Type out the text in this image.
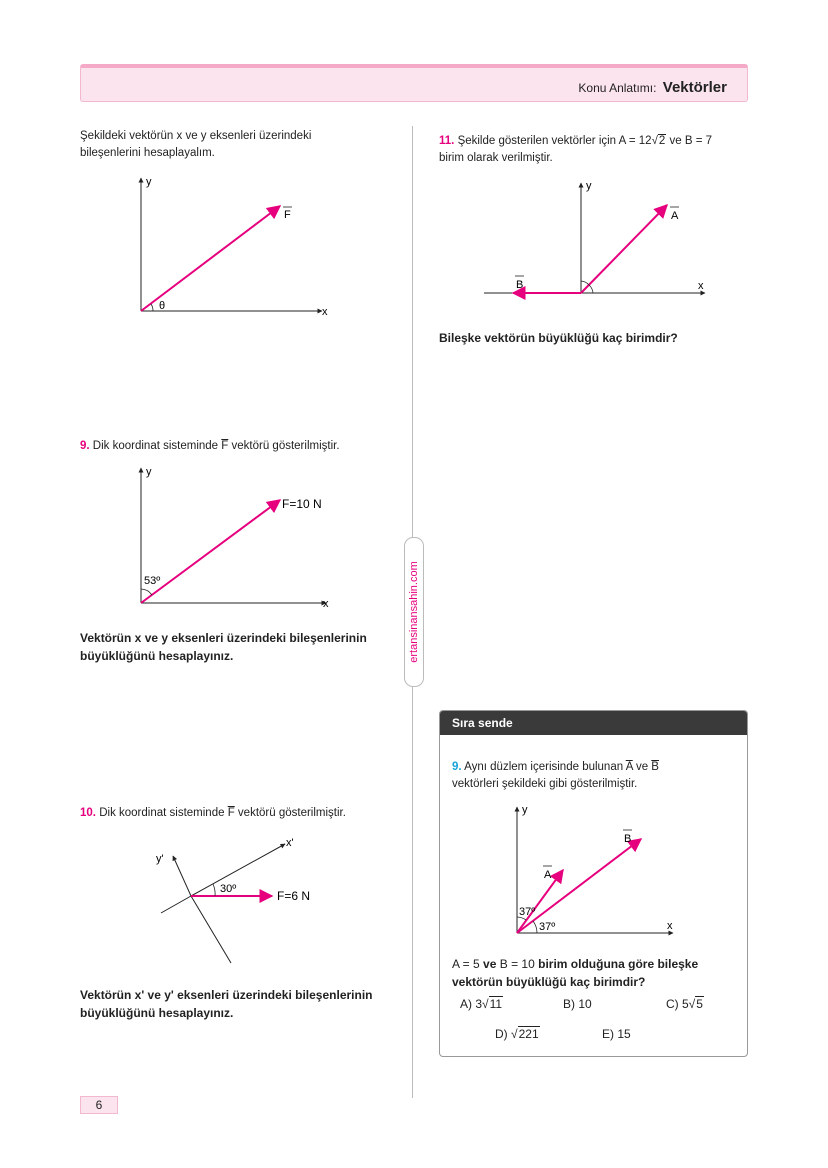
Konu Anlatımı: Vektörler
ertansinansahin.com
Şekildeki vektörün x ve y eksenleri üzerindeki bileşenlerini hesaplayalım.
y
x
F
θ
9. Dik koordinat sisteminde $\overline{F}$ vektörü gösterilmiştir.
y
x
F=10 N
53º
Vektörün x ve y eksenleri üzerindeki bileşenlerinin büyüklüğünü hesaplayınız.
10. Dik koordinat sisteminde $\overline{F}$ vektörü gösterilmiştir.
y'
x'
F=6 N
30º
Vektörün x' ve y' eksenleri üzerindeki bileşenlerinin büyüklüğünü hesaplayınız.
11. Şekilde gösterilen vektörler için A = 12√2 ve B = 7
birim olarak verilmiştir.
y
x
A
B
Bileşke vektörün büyüklüğü kaç birimdir?
Sıra sende
9. Aynı düzlem içerisinde bulunan $\overline{A}$ ve $\overline{B}$
vektörleri şekildeki gibi gösterilmiştir.
y
x
A
B
37º
37º
A = 5 ve B = 10 birim olduğuna göre bileşke vektörün büyüklüğü kaç birimdir?
A) 3√11	B) 10	C) 5√5
D) √221	E) 15
6
